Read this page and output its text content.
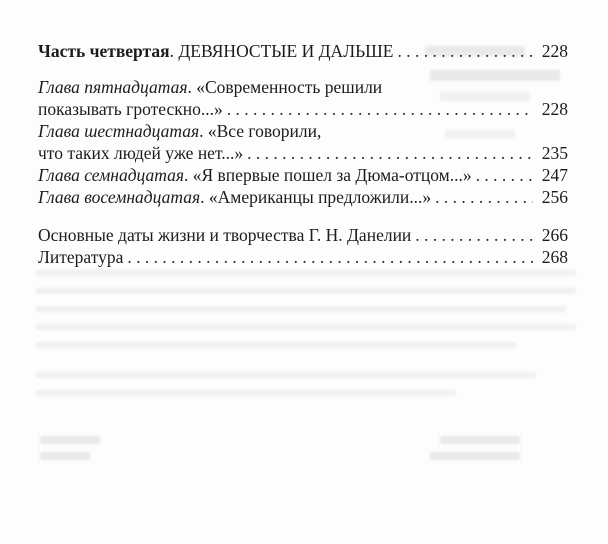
Часть четвертая. ДЕВЯНОСТЫЕ И ДАЛЬШЕ . . .	228
Глава пятнадцатая. «Современность решили
показывать гротескно...» . . .	228
Глава шестнадцатая. «Все говорили,
что таких людей уже нет...» . . .	235
Глава семнадцатая. «Я впервые пошел за Дюма-отцом...» . . .	247
Глава восемнадцатая. «Американцы предложили...» . . .	256
Основные даты жизни и творчества Г. Н. Данелии . . .	266
Литература . . .	268
